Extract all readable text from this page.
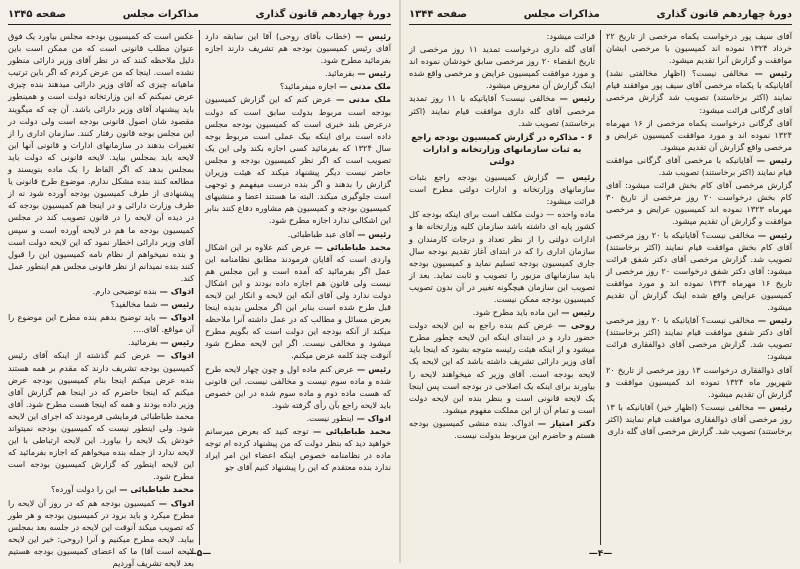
دورهٔ چهاردهم قانون گذاری
مذاکرات مجلس
صفحه ۱۳۴۵

رئیس — (خطاب بآقای روحی) آقا این سابقه دارد آقای رئیس کمیسیون بودجه هم تشریف دارند اجازه بفرمائید مطرح شود.

رئیس — بفرمائید.

ملک مدنی — اجازه میفرمائید؟

ملک مدنی — عرض کنم که این گزارش کمیسیون بودجه است مربوط بدولت سابق است که دولت درعرض بلند خبری است که کمیسیون بودجه مجلس داده است برای اینکه بیک عملی است مربوط بوجه سال ۱۳۲۴ که بفرمائید کسی اجازه بکند ولی این یک تصویب است که اگر نظر کمیسیون بودجه و مجلس حاضر نیست دیگر پیشنهاد میکند که هیئت وزیران گزارش را بدهند و اگر بنده درست میفهمم و توجهی است جلوگیری میکند. البته ما هستند اعضا و منشیهای کمیسیون بودجه و کمیسیون هم مشاوره دفاع کنند بنابر این اشکالی ندارد اجازه مطرح شود.

رئیس — آقای عبد طباطبائی.

محمد طباطبائی — عرض کنم علاوه بر این اشکال واردی است که آقایان فرمودند مطابق نظامنامه این عمل اگر بفرمائید که آمده است و این مجلس هم نیست ولی قانون هم اجازه داده بودند و این اشکال دولت ندارد ولی آقای آنکه این لایحه و انکار این لایحه قبل طرح شده است بنابر این اگر مجلس بدیده اینجا بعرض مسائل و مطالب که در عمل داشته آنرا ملاحظه میکند از آنکه بودجه این دولت است که بگویم مطرح میشود و مخالفی نیست. اگر این لایحه مطرح شود آنوقت چند کلمه عرض میکنم.

رئیس — عرض کنم ماده اول و چون چهار لایحه طرح شده و ماده سوم نیست و مخالفی نیست. این قانونی که هست ماده دوم و ماده سوم شده در این خصوص باید لایحه راجع بآن رأی گرفته شود.

ادواک — اینطور نیست.

محمد طباطبائی — توجه کنید که بعرض میرسانم خواهید دید که بنظر دولت که من پیشنهاد کرده ام توجه ماده در نظامنامه خصوص اینکه اعضاء این امر ایراد ندارد بنده معتقدم که این را پیشنهاد کنیم آقای جو

عکس است که کمیسیون بودجه مجلس بیاورد یک فوق عنوان مطلب قانونی است که من ممکن است باین دلیل ملاحظه کنند که در نظر آقای وزیر دارائی منظور نشده است. اینجا که من عرض کردم که اگر باین ترتیب ماهیانه چیزی که آقای وزیر دارائی میدهند بنده چیزی عرض نمیکنم که این وزارتخانه دولت است و همینطور باید پیشنهاد آقای وزیر دارائی باشد. آن چه که میگویند مقصود شان اصول قانونی بودجه است ولی دولت در این مجلس بوجه قانون رفتار کنند. سازمان اداری را از تغییرات بدهند در سازمانهای ادارات و قانونی آنها این لایحه باید بمجلس بیاید. لایحه قانونی که دولت باید بمجلس بدهد که اگر الفاظ را یک ماده بنویسند و مطالعه کنند بنده مشکل ندارم. موضوع طرح قانونی یا پیشنهادی از طرف کمیسیون بودجه آورده شود نه از طرف وزارت دارائی و در اینجا هم کمیسیون بودجه که در دیده آن لایحه را در قانون تصویب کند در مجلس کمیسیون بودجه ما هم در لایحه آورده است و سپس آقای وزیر دارائی اخطار نمود که این لایحه دولت است و بنده نمیخواهم از نظام نامه کمیسیون این را قبول کنند بنده نمیدانم از نظر قانونی مجلس هم اینطور عمل کند.

ادواک — بنده توضیحی دارم.

رئیس — شما مخالفید؟

ادواک — باید توضیح بدهم بنده مطرح این موضوع را آن مواقع. آقای....

رئیس — بفرمائید.

ادواک — عرض کنم گذشته از اینکه آقای رئیس کمیسیون بودجه تشریف دارند که مقدم بر همه هستند بنده عرض میکنم اینجا بنام کمیسیون بودجه عرض میکنم که اینجا حاضرم که در اینجا هم گزارش آقای وزیر داده بودند و همه که اینجا هست مطرح شود. آقای محمد طباطبائی فرمایشی فرمودند که اجرای این لایحه شود. ولی اینطور نیست که کمیسیون بودجه نمیتواند خودش یک لایحه را بیاورد. این لایحه ارتباطی با این لایحه ندارد از جمله بنده میخواهم که اجازه بفرمائید که این لایحه اینطور که گزارش کمیسیون بودجه است مطرح شود.

محمد طباطبائی — این را دولت آورده؟

ادواک — کمیسیون بودجه هم که در روز آن لایحه را مطرح میکرد و باید برود در کمیسیون بودجه و هر طور که تصویب میکند آنوقت این لایحه در جلسه بعد بمجلس بیاید. لایحه مطرح میکنیم و آنرا (روحی: خیر این لایحه لایحه است آقا) ما که اعضای کمیسیون بودجه هستیم بعد لایحه تشریف آوردیم

—۵—
دورهٔ چهاردهم قانون گذاری
مذاکرات مجلس
صفحه ۱۳۴۴

آقای سیف پور درخواست یکماه مرخصی از تاریخ ۲۲ خرداد ۱۳۲۴ نموده اند کمیسیون با مرخصی ایشان موافقت و گزارش آنرا تقدیم میشود.

رئیس — مخالفی نیست؟ (اظهار مخالفتی نشد) آقایانیکه با یکماه مرخصی آقای سیف پور موافقند قیام نمایند (اکثر برخاستند) تصویب شد گزارش مرخصی آقای گرگانی قرائت میشود:

آقای گرگانی درخواست یکماه مرخصی از ۱۶ مهرماه ۱۳۲۴ نموده اند و مورد موافقت کمیسیون عرایض و مرخصی واقع گزارش آن تقدیم میشود.

رئیس — آقایانیکه با مرخصی آقای گرگانی موافقت قیام نمایند (اکثر برخاستند) تصویب شد.

گزارش مرخصی آقای کام بخش قرائت میشود: آقای کام بخش درخواست ۲۰ روز مرخصی از تاریخ ۳۰ مهرماه ۱۳۲۳ نموده اند کمیسیون عرایض و مرخصی موافقت و گزارش آن تقدیم میشود.

رئیس — مخالفی نیست؟ آقایانیکه با ۲۰ روز مرخصی آقای کام بخش موافقت قیام نمایند (اکثر برخاستند) تصویب شد. گزارش مرخصی آقای دکتر شفق قرائت میشود: آقای دکتر شفق درخواست ۲۰ روز مرخصی از تاریخ ۱۶ مهرماه ۱۳۲۴ نموده اند و مورد موافقت کمیسیون عرایض واقع شده اینک گزارش آن تقدیم میشود.

رئیس — مخالفی نیست؟ آقایانیکه با ۲۰ روز مرخصی آقای دکتر شفق موافقت قیام نمایند (اکثر برخاستند) تصویب شد. گزارش مرخصی آقای ذوالفقاری قرائت میشود:

آقای ذوالفقاری درخواست ۱۳ روز مرخصی از تاریخ ۲۰ شهریور ماه ۱۳۲۴ نموده اند کمیسیون موافقت و گزارش آن تقدیم میشود.

رئیس — مخالفی نیست؟ (اظهار خیر) آقایانیکه با ۱۳ روز مرخصی آقای ذوالفقاری موافقت قیام نمایند (اکثر برخاستند) تصویب شد. گزارش مرخصی آقای گله داری

قرائت میشود:

آقای گله داری درخواست تمدید ۱۱ روز مرخصی از تاریخ انقضاء ۲۰ روز مرخصی سابق خودشان نموده اند و مورد موافقت کمیسیون عرایض و مرخصی واقع شده اینک گزارش آن معروض میشود.

رئیس — مخالفی نیست؟ آقایانیکه با ۱۱ روز تمدید مرخصی آقای گله داری موافقت قیام نمایند (اکثر برخاستند) تصویب شد.

۶ - مذاکره در گزارش کمیسیون بودجه راجع به ثبات سازمانهای وزارتخانه و ادارات دولتی

رئیس — گزارش کمیسیون بودجه راجع بثبات سازمانهای وزارتخانه و ادارات دولتی مطرح است قرائت میشود:

ماده واحده — دولت مکلف است برای اینکه بودجه کل کشور پایه ای داشته باشد سازمان کلیه وزارتخانه ها و ادارات دولتی را از نظر تعداد و درجات کارمندان و سازمان اداری را که در ابتدای آغاز تقدیم بودجه سال جاری کمیسیون بودجه تسلیم نماید و کمیسیون بودجه باید سازمانهای مزبور را تصویب و ثابت نماید. بعد از تصویب این سازمان هیچگونه تغییر در آن بدون تصویب کمیسیون بودجه ممکن نیست.

رئیس — این ماده باید مطرح شود.

روحی — عرض کنم بنده راجع به این لایحه دولت حضور دارد و در ابتدای اینکه این لایحه چطور مطرح میشود و از اینکه هیئت رئیسه متوجه بشود که اینجا باید آقای وزیر دارائی تشریف داشته باشد که این لایحه یک لایحه بودجه است. آقای وزیر که میخواهند لایحه را بیاورند برای اینکه یک اصلاحی در بودجه است پس اینجا یک لایحه قانونی است و بنظر بنده این لایحه دولت است و تمام آن از این مملکت مفهوم میشود.

دکتر امتیاز — ادواک. بنده منشی کمیسیون بودجه هستم و حاضرم این مربوط بدولت نیست.

—۴—
